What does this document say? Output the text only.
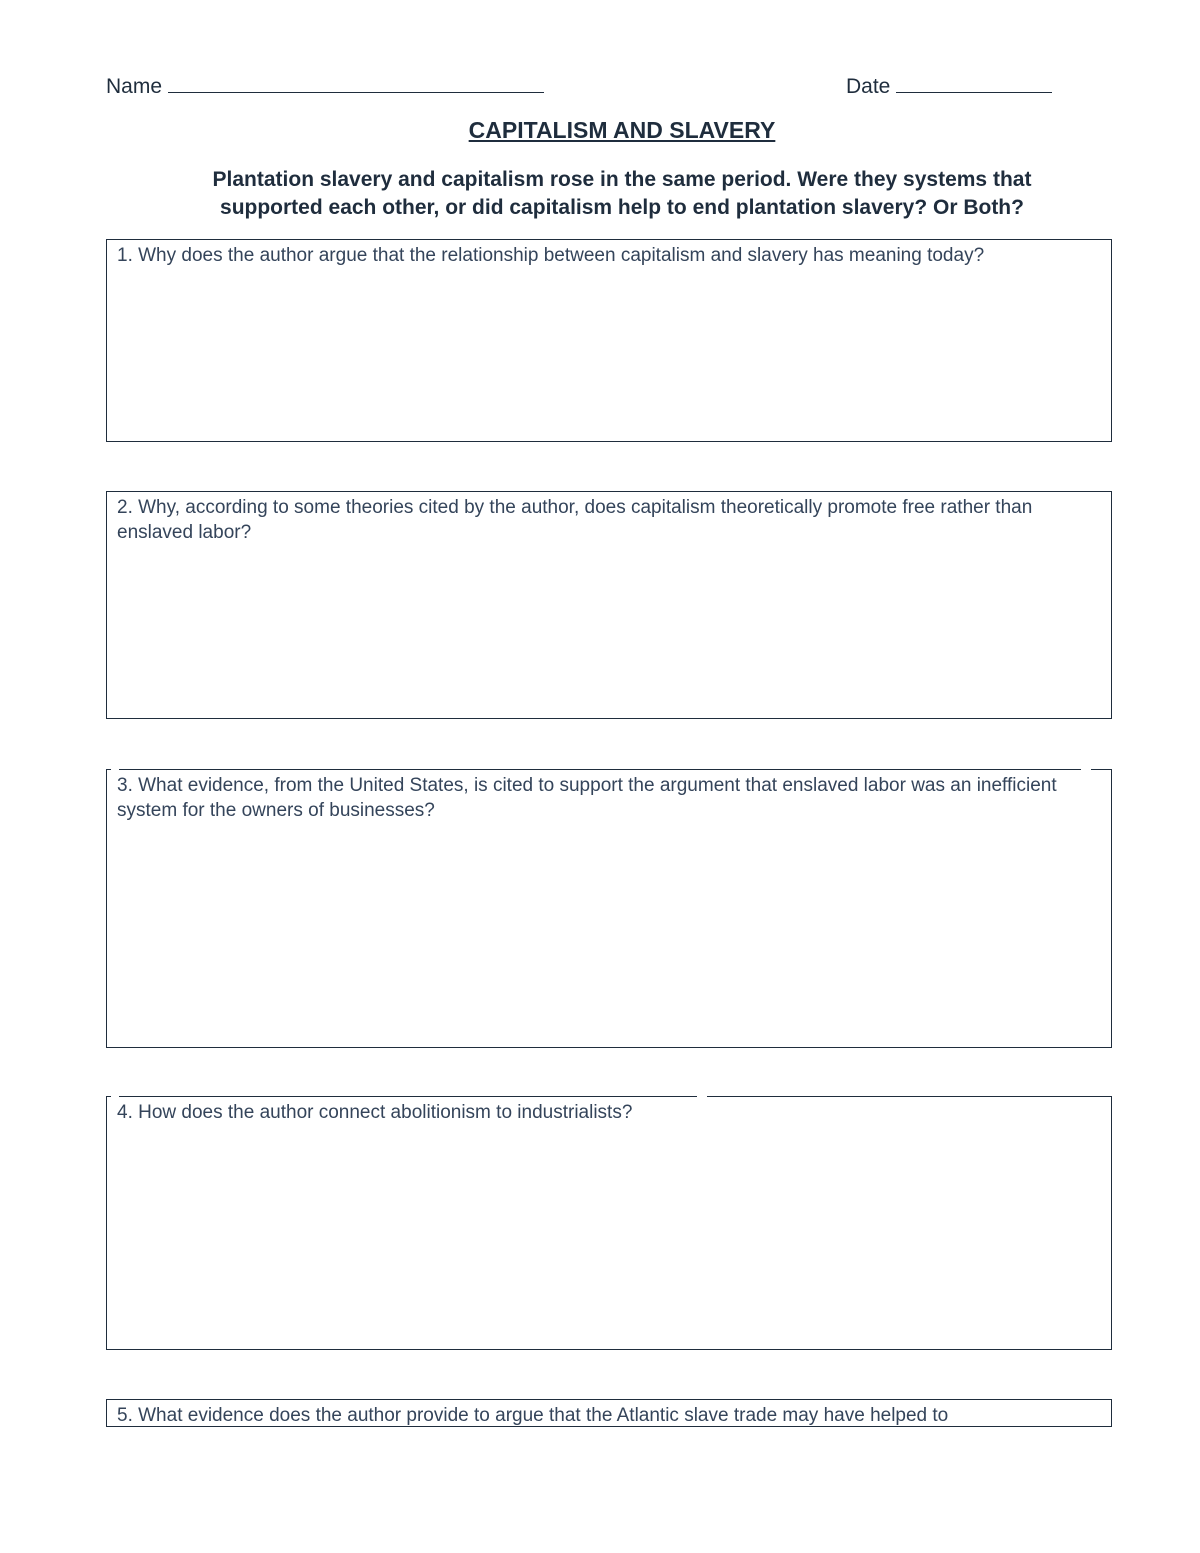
Name	Date
CAPITALISM AND SLAVERY
Plantation slavery and capitalism rose in the same period. Were they systems that
supported each other, or did capitalism help to end plantation slavery? Or Both?
1. Why does the author argue that the relationship between capitalism and slavery has meaning today?
2. Why, according to some theories cited by the author, does capitalism theoretically promote free rather than enslaved labor?
3. What evidence, from the United States, is cited to support the argument that enslaved labor was an inefficient system for the owners of businesses?
4. How does the author connect abolitionism to industrialists?
5. What evidence does the author provide to argue that the Atlantic slave trade may have helped to
